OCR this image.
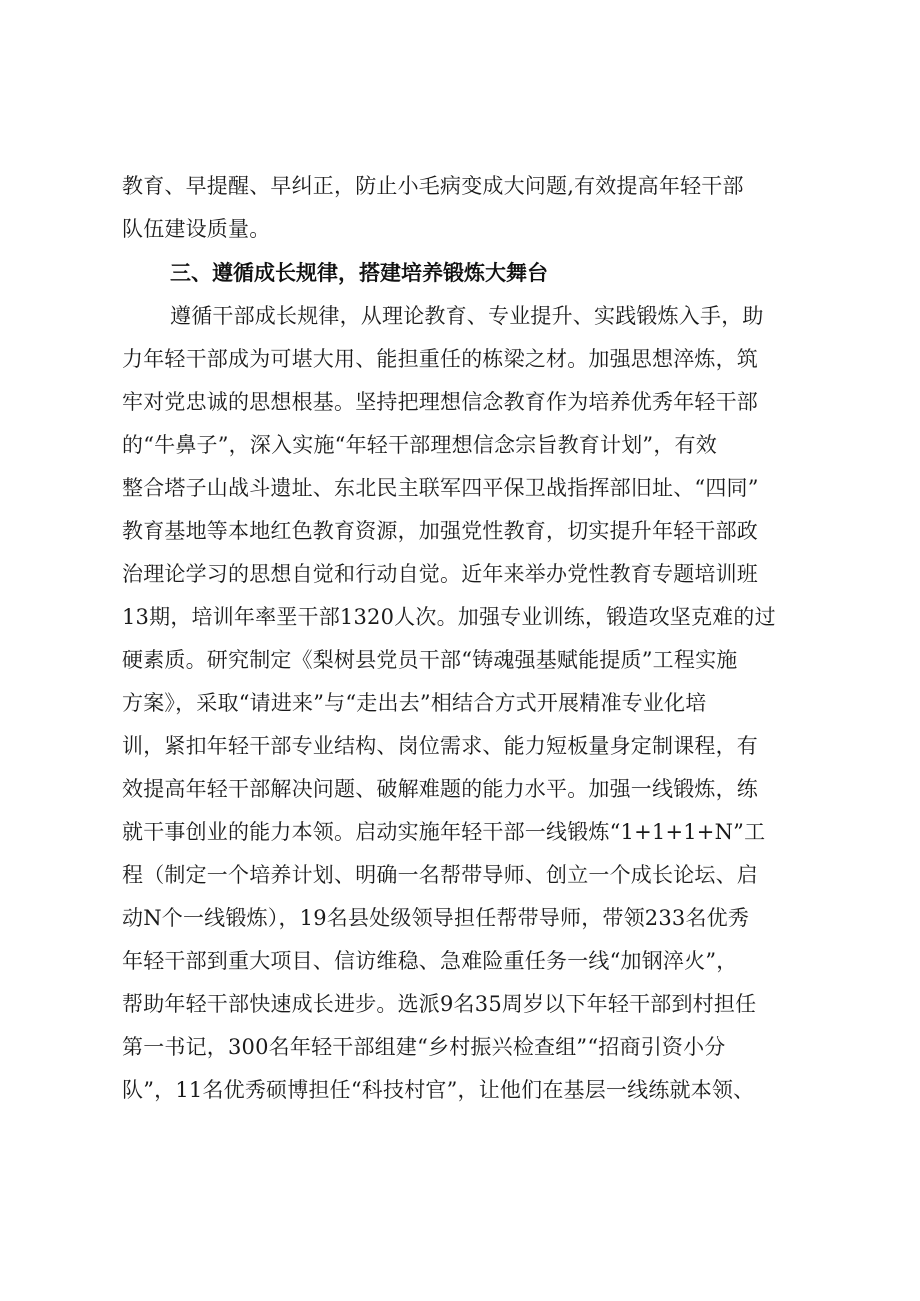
教育、早提醒、早纠正，防止小毛病变成大问题,有效提高年轻干部
队伍建设质量。
三、遵循成长规律，搭建培养锻炼大舞台
遵循干部成长规律，从理论教育、专业提升、实践锻炼入手，助
力年轻干部成为可堪大用、能担重任的栋梁之材。加强思想淬炼，筑
牢对党忠诚的思想根基。坚持把理想信念教育作为培养优秀年轻干部
的“牛鼻子”，深入实施“年轻干部理想信念宗旨教育计划”，有效
整合塔子山战斗遗址、东北民主联军四平保卫战指挥部旧址、“四同”
教育基地等本地红色教育资源，加强党性教育，切实提升年轻干部政
治理论学习的思想自觉和行动自觉。近年来举办党性教育专题培训班
13期，培训年率垩干部1320人次。加强专业训练，锻造攻坚克难的过
硬素质。研究制定《梨树县党员干部“铸魂强基赋能提质”工程实施
方案》，采取“请进来”与“走出去”相结合方式开展精准专业化培
训，紧扣年轻干部专业结构、岗位需求、能力短板量身定制课程，有
效提高年轻干部解决问题、破解难题的能力水平。加强一线锻炼，练
就干事创业的能力本领。启动实施年轻干部一线锻炼“1+1+1+N”工
程（制定一个培养计划、明确一名帮带导师、创立一个成长论坛、启
动N个一线锻炼），19名县处级领导担任帮带导师，带领233名优秀
年轻干部到重大项目、信访维稳、急难险重任务一线“加钢淬火”，
帮助年轻干部快速成长进步。选派9名35周岁以下年轻干部到村担任
第一书记，300名年轻干部组建“乡村振兴检查组”“招商引资小分
队”，11名优秀硕博担任“科技村官”，让他们在基层一线练就本领、
